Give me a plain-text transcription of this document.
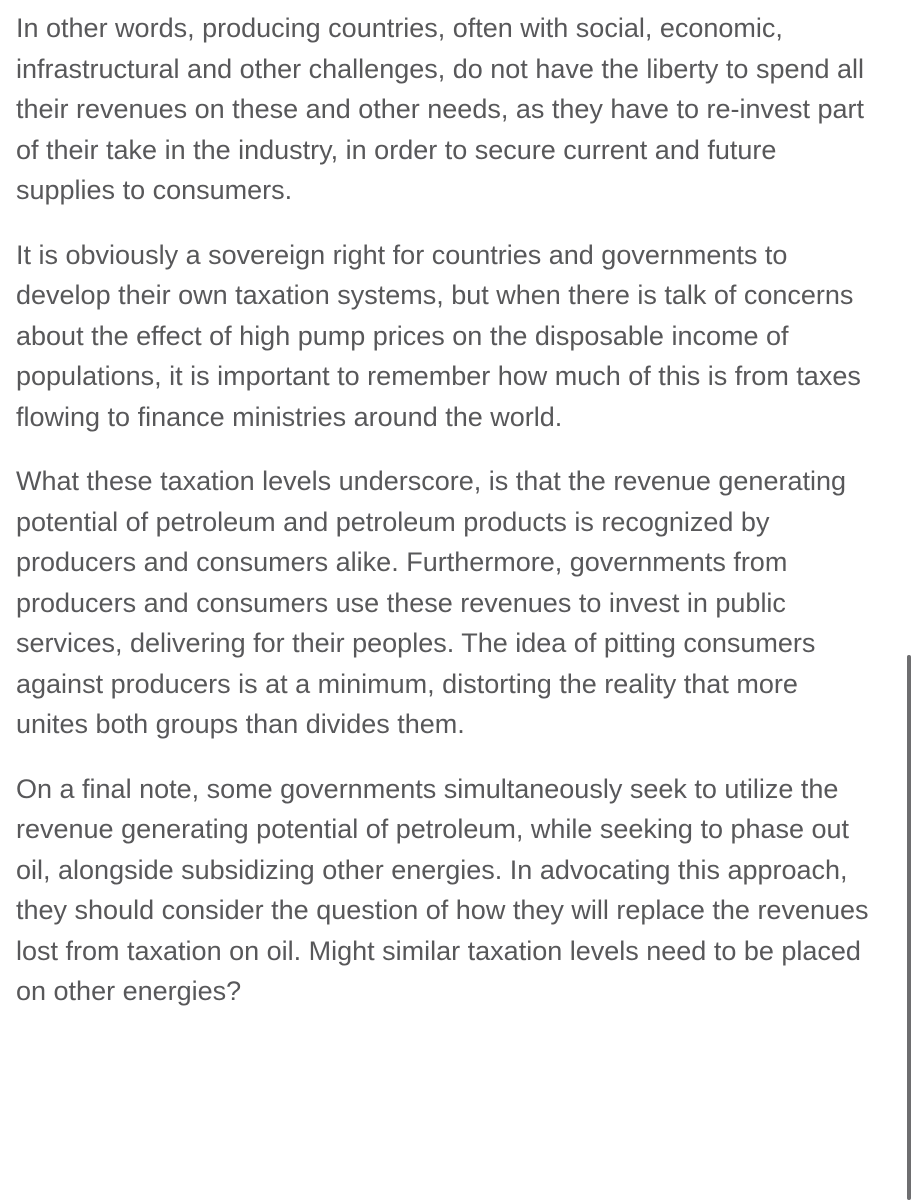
In other words, producing countries, often with social, economic, infrastructural and other challenges, do not have the liberty to spend all their revenues on these and other needs, as they have to re-invest part of their take in the industry, in order to secure current and future supplies to consumers.

It is obviously a sovereign right for countries and governments to develop their own taxation systems, but when there is talk of concerns about the effect of high pump prices on the disposable income of populations, it is important to remember how much of this is from taxes flowing to finance ministries around the world.

What these taxation levels underscore, is that the revenue generating potential of petroleum and petroleum products is recognized by producers and consumers alike. Furthermore, governments from producers and consumers use these revenues to invest in public services, delivering for their peoples. The idea of pitting consumers against producers is at a minimum, distorting the reality that more unites both groups than divides them.

On a final note, some governments simultaneously seek to utilize the revenue generating potential of petroleum, while seeking to phase out oil, alongside subsidizing other energies. In advocating this approach, they should consider the question of how they will replace the revenues lost from taxation on oil. Might similar taxation levels need to be placed on other energies?
